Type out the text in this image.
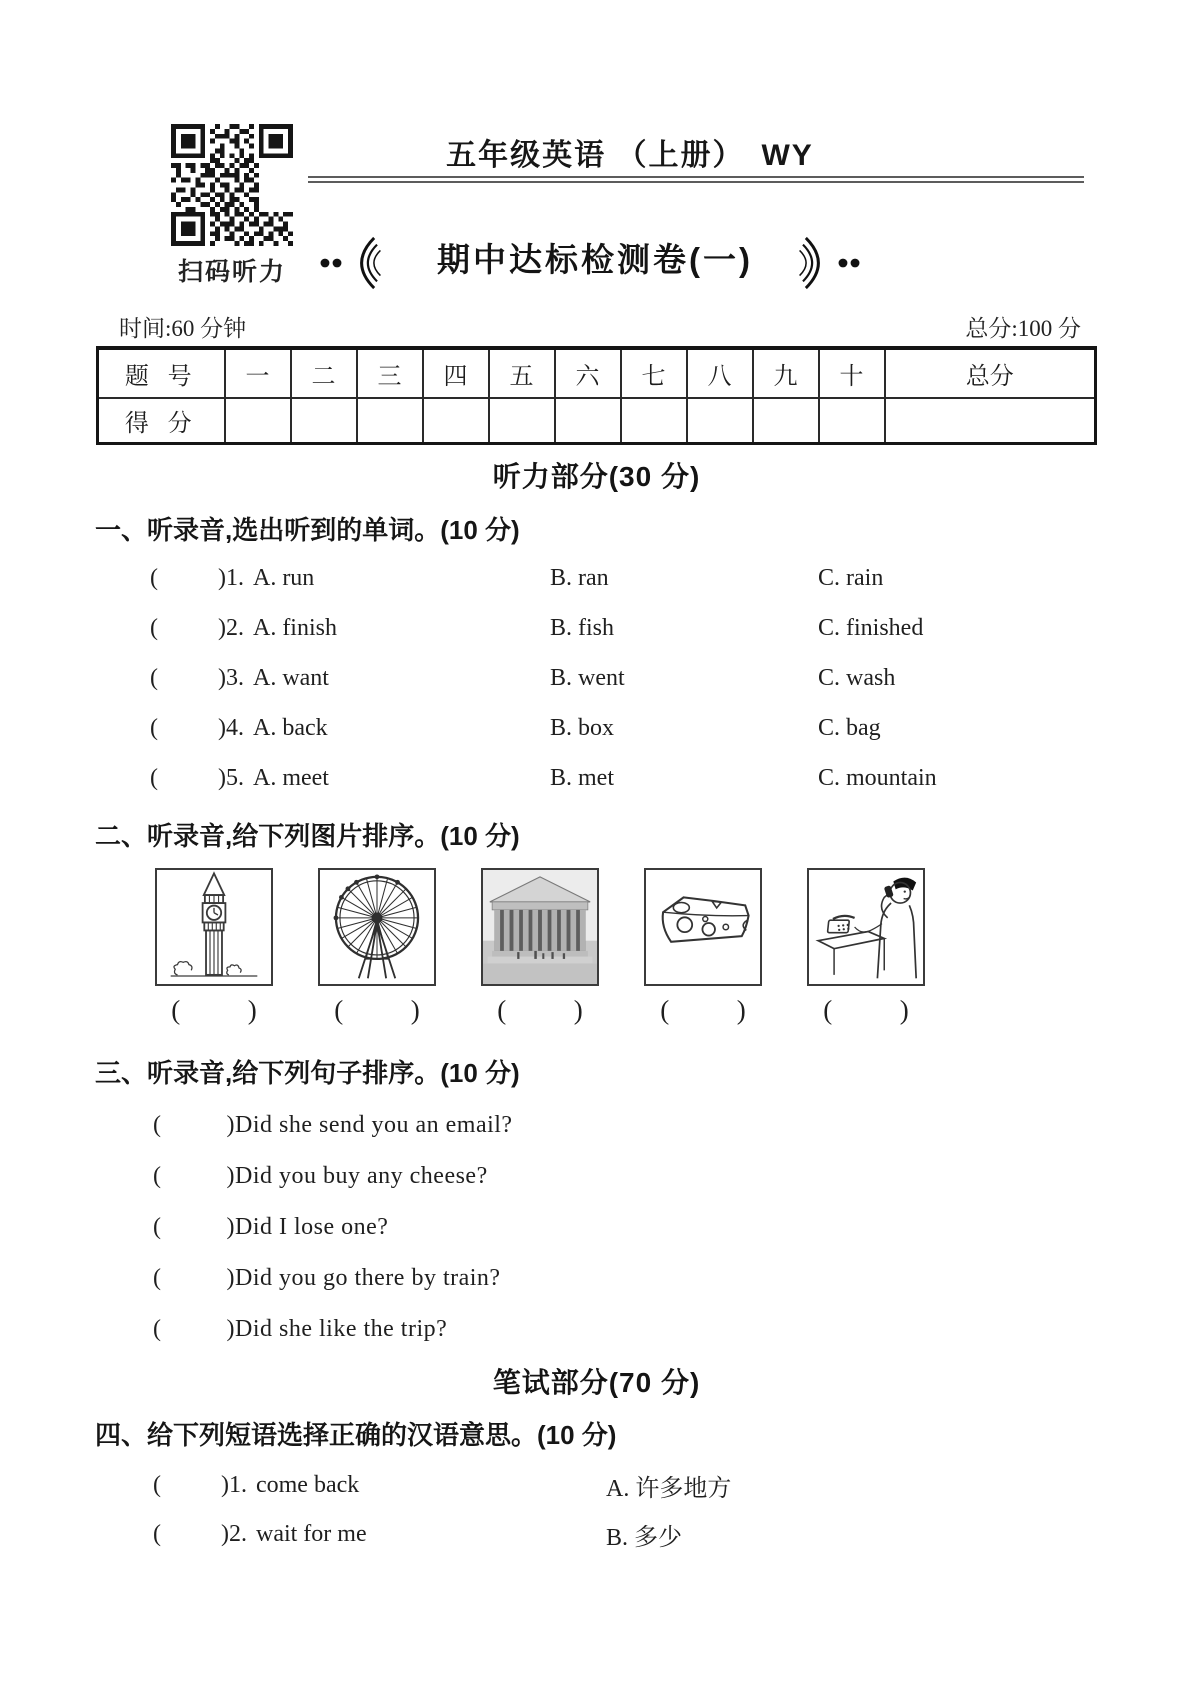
扫码听力
五年级英语 （上册）　WY
期中达标检测卷(一)
时间:60 分钟	总分:100 分
题 号	一	二	三	四	五	六	七	八	九	十	总分
得 分											
听力部分(30 分)
一、听录音,选出听到的单词。(10 分)
(          )1. A. run	B. ran	C. rain
(          )2. A. finish	B. fish	C. finished
(          )3. A. want	B. went	C. wash
(          )4. A. back	B. box	C. bag
(          )5. A. meet	B. met	C. mountain
二、听录音,给下列图片排序。(10 分)
(          )	(          )	(          )	(          )	(          )
三、听录音,给下列句子排序。(10 分)
(          ) Did she send you an email?
(          ) Did you buy any cheese?
(          ) Did I lose one?
(          ) Did you go there by train?
(          ) Did she like the trip?
笔试部分(70 分)
四、给下列短语选择正确的汉语意思。(10 分)
(          )1. come back	A. 许多地方
(          )2. wait for me	B. 多少
